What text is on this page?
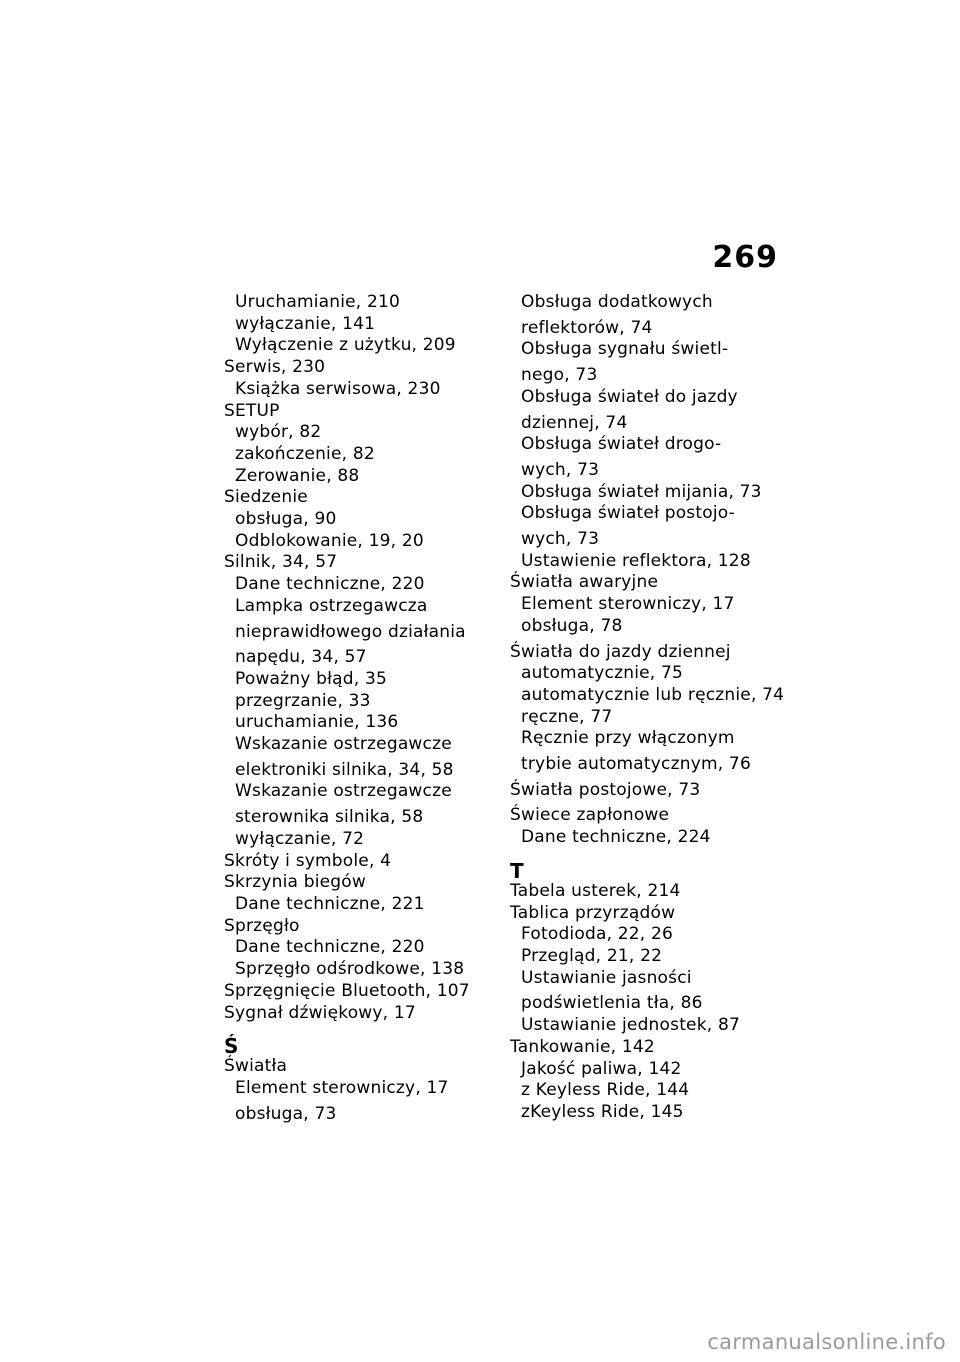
269
Uruchamianie, 210
wyłączanie, 141
Wyłączenie z użytku, 209
Serwis, 230
Książka serwisowa, 230
SETUP
wybór, 82
zakończenie, 82
Zerowanie, 88
Siedzenie
obsługa, 90
Odblokowanie, 19, 20
Silnik, 34, 57
Dane techniczne, 220
Lampka ostrzegawcza
nieprawidłowego działania
napędu, 34, 57
Poważny błąd, 35
przegrzanie, 33
uruchamianie, 136
Wskazanie ostrzegawcze
elektroniki silnika, 34, 58
Wskazanie ostrzegawcze
sterownika silnika, 58
wyłączanie, 72
Skróty i symbole, 4
Skrzynia biegów
Dane techniczne, 221
Sprzęgło
Dane techniczne, 220
Sprzęgło odśrodkowe, 138
Sprzęgnięcie Bluetooth, 107
Sygnał dźwiękowy, 17
Ś
Światła
Element sterowniczy, 17
obsługa, 73
Obsługa dodatkowych
reflektorów, 74
Obsługa sygnału świetl-
nego, 73
Obsługa świateł do jazdy
dziennej, 74
Obsługa świateł drogo-
wych, 73
Obsługa świateł mijania, 73
Obsługa świateł postojo-
wych, 73
Ustawienie reflektora, 128
Światła awaryjne
Element sterowniczy, 17
obsługa, 78
Światła do jazdy dziennej
automatycznie, 75
automatycznie lub ręcznie, 74
ręczne, 77
Ręcznie przy włączonym
trybie automatycznym, 76
Światła postojowe, 73
Świece zapłonowe
Dane techniczne, 224
T
Tabela usterek, 214
Tablica przyrządów
Fotodioda, 22, 26
Przegląd, 21, 22
Ustawianie jasności
podświetlenia tła, 86
Ustawianie jednostek, 87
Tankowanie, 142
Jakość paliwa, 142
z Keyless Ride, 144
zKeyless Ride, 145
carmanualsonline.info
